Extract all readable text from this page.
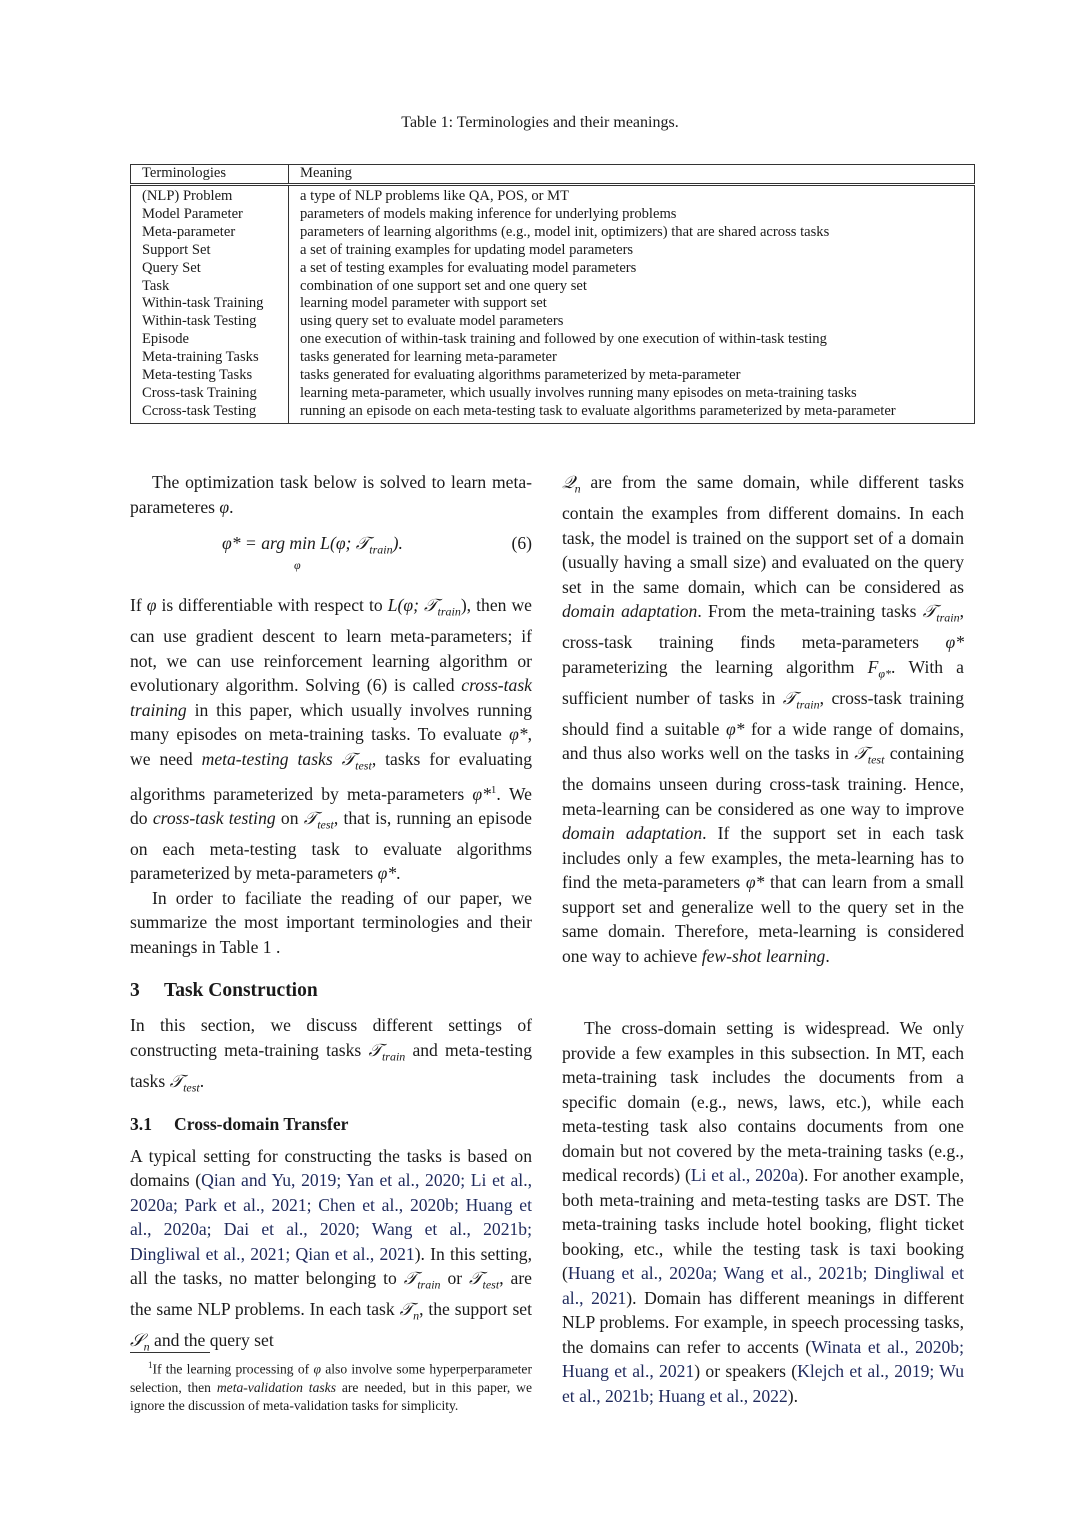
Table 1: Terminologies and their meanings.
Terminologies	Meaning
(NLP) Problem	a type of NLP problems like QA, POS, or MT
Model Parameter	parameters of models making inference for underlying problems
Meta-parameter	parameters of learning algorithms (e.g., model init, optimizers) that are shared across tasks
Support Set	a set of training examples for updating model parameters
Query Set	a set of testing examples for evaluating model parameters
Task	combination of one support set and one query set
Within-task Training	learning model parameter with support set
Within-task Testing	using query set to evaluate model parameters
Episode	one execution of within-task training and followed by one execution of within-task testing
Meta-training Tasks	tasks generated for learning meta-parameter
Meta-testing Tasks	tasks generated for evaluating algorithms parameterized by meta-parameter
Cross-task Training	learning meta-parameter, which usually involves running many episodes on meta-training tasks
Ccross-task Testing	running an episode on each meta-testing task to evaluate algorithms parameterized by meta-parameter

The optimization task below is solved to learn meta-parameteres φ.

φ* = arg min L(φ; 𝒯$_{train}$).
φ
(6)

If φ is differentiable with respect to L(φ; 𝒯$_{train}$), then we can use gradient descent to learn meta-parameters; if not, we can use reinforcement learning algorithm or evolutionary algorithm. Solving (6) is called cross-task training in this paper, which usually involves running many episodes on meta-training tasks. To evaluate φ*, we need meta-testing tasks 𝒯$_{test}$, tasks for evaluating algorithms parameterized by meta-parameters φ*$^1$. We do cross-task testing on 𝒯$_{test}$, that is, running an episode on each meta-testing task to evaluate algorithms parameterized by meta-parameters φ*.

In order to faciliate the reading of our paper, we summarize the most important terminologies and their meanings in Table 1 .

3 Task Construction

In this section, we discuss different settings of constructing meta-training tasks 𝒯$_{train}$ and meta-testing tasks 𝒯$_{test}$.

3.1 Cross-domain Transfer

A typical setting for constructing the tasks is based on domains (Qian and Yu, 2019; Yan et al., 2020; Li et al., 2020a; Park et al., 2021; Chen et al., 2020b; Huang et al., 2020a; Dai et al., 2020; Wang et al., 2021b; Dingliwal et al., 2021; Qian et al., 2021). In this setting, all the tasks, no matter belonging to 𝒯$_{train}$ or 𝒯$_{test}$, are the same NLP problems. In each task 𝒯$_n$, the support set 𝒮$_n$ and the query set

$^1$If the learning processing of φ also involve some hyperperparameter selection, then meta-validation tasks are needed, but in this paper, we ignore the discussion of meta-validation tasks for simplicity.

𝒬$_n$ are from the same domain, while different tasks contain the examples from different domains. In each task, the model is trained on the support set of a domain (usually having a small size) and evaluated on the query set in the same domain, which can be considered as domain adaptation. From the meta-training tasks 𝒯$_{train}$, cross-task training finds meta-parameters φ* parameterizing the learning algorithm $F_{\varphi*}$. With a sufficient number of tasks in 𝒯$_{train}$, cross-task training should find a suitable φ* for a wide range of domains, and thus also works well on the tasks in 𝒯$_{test}$ containing the domains unseen during cross-task training. Hence, meta-learning can be considered as one way to improve domain adaptation. If the support set in each task includes only a few examples, the meta-learning has to find the meta-parameters φ* that can learn from a small support set and generalize well to the query set in the same domain. Therefore, meta-learning is considered one way to achieve few-shot learning.

The cross-domain setting is widespread. We only provide a few examples in this subsection. In MT, each meta-training task includes the documents from a specific domain (e.g., news, laws, etc.), while each meta-testing task also contains documents from one domain but not covered by the meta-training tasks (e.g., medical records) (Li et al., 2020a). For another example, both meta-training and meta-testing tasks are DST. The meta-training tasks include hotel booking, flight ticket booking, etc., while the testing task is taxi booking (Huang et al., 2020a; Wang et al., 2021b; Dingliwal et al., 2021). Domain has different meanings in different NLP problems. For example, in speech processing tasks, the domains can refer to accents (Winata et al., 2020b; Huang et al., 2021) or speakers (Klejch et al., 2019; Wu et al., 2021b; Huang et al., 2022).
